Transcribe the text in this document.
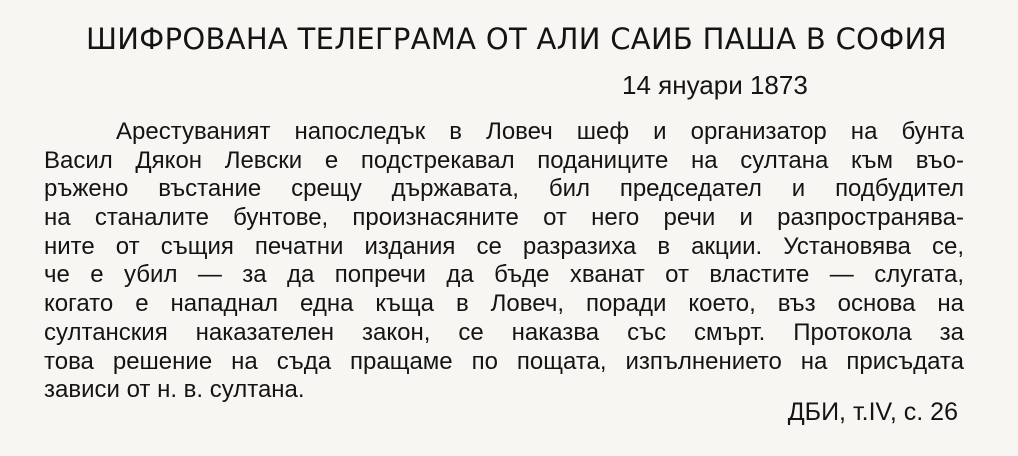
ШИФРОВАНА ТЕЛЕГРАМА ОТ АЛИ САИБ ПАША В СОФИЯ
14 януари 1873
Арестуваният напоследък в Ловеч шеф и организатор на бунта
Васил Дякон Левски е подстрекавал поданиците на султана към въо-
ръжено въстание срещу държавата, бил председател и подбудител
на станалите бунтове, произнасяните от него речи и разпространява-
ните от същия печатни издания се разразиха в акции. Установява се,
че е убил — за да попречи да бъде хванат от властите — слугата,
когато е нападнал една къща в Ловеч, поради което, въз основа на
султанския наказателен закон, се наказва със смърт. Протокола за
това решение на съда пращаме по пощата, изпълнението на присъдата
зависи от н. в. султана.
ДБИ, т.IV, с. 26
